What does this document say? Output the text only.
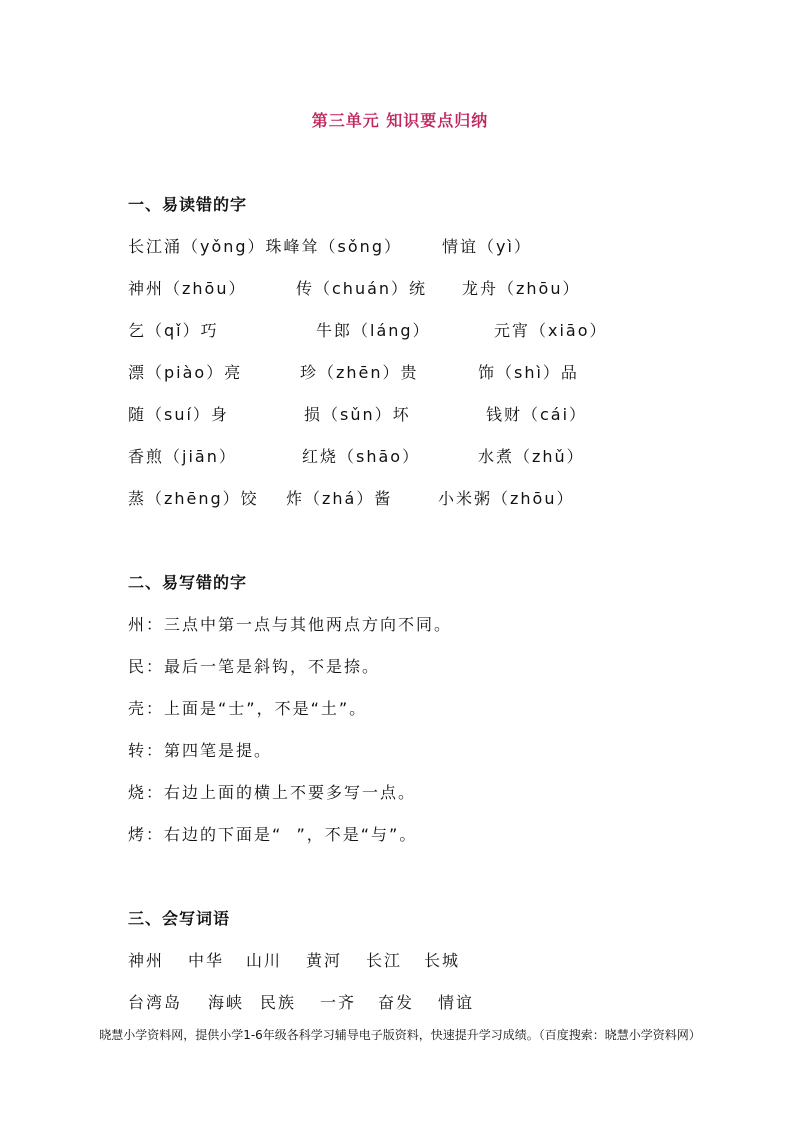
第三单元 知识要点归纳
一、易读错的字
长江涌（yǒng）珠峰耸（sǒng）	情谊（yì）
神州（zhōu）	传（chuán）统 龙舟（zhōu）
乞（qǐ）巧	牛郎（láng）	元宵（xiāo）
漂（piào）亮	珍（zhēn）贵	饰（shì）品
随（suí）身	损（sǔn）坏	钱财（cái）
香煎（jiān）	红烧（shāo）	水煮（zhǔ）
蒸（zhēng）饺 炸（zhá）酱	小米粥（zhōu）
二、易写错的字
州：三点中第一点与其他两点方向不同。
民：最后一笔是斜钩，不是捺。
壳：上面是“士”，不是“土”。
转：第四笔是提。
烧：右边上面的横上不要多写一点。
烤：右边的下面是“  ”，不是“与”。
三、会写词语
神州 中华 山川 黄河 长江 长城
台湾岛 海峡 民族 一齐 奋发 情谊
晓慧小学资料网，提供小学1-6年级各科学习辅导电子版资料，快速提升学习成绩。（百度搜索：晓慧小学资料网）
